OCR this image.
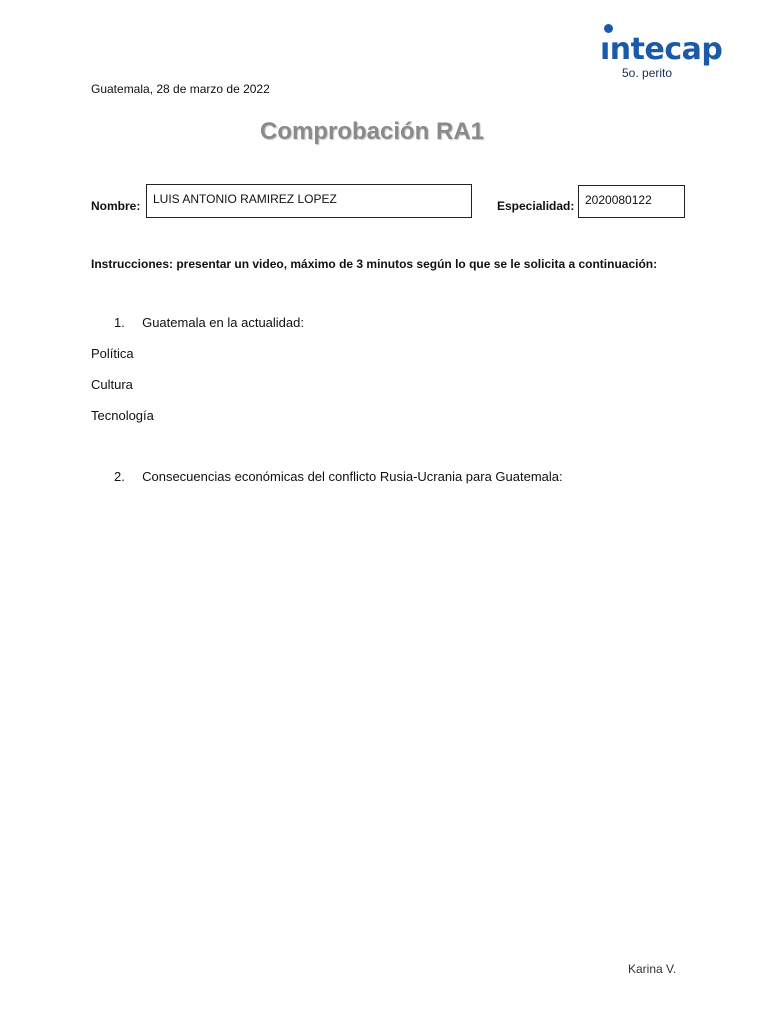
ıntecap
5o. perito
Guatemala, 28 de marzo de 2022
Comprobación RA1
Nombre:	LUIS ANTONIO RAMIREZ LOPEZ	Especialidad: 2020080122
Instrucciones: presentar un video, máximo de 3 minutos según lo que se le solicita a continuación:
1. Guatemala en la actualidad:
Política
Cultura
Tecnología
2. Consecuencias económicas del conflicto Rusia-Ucrania para Guatemala:
Karina V.
